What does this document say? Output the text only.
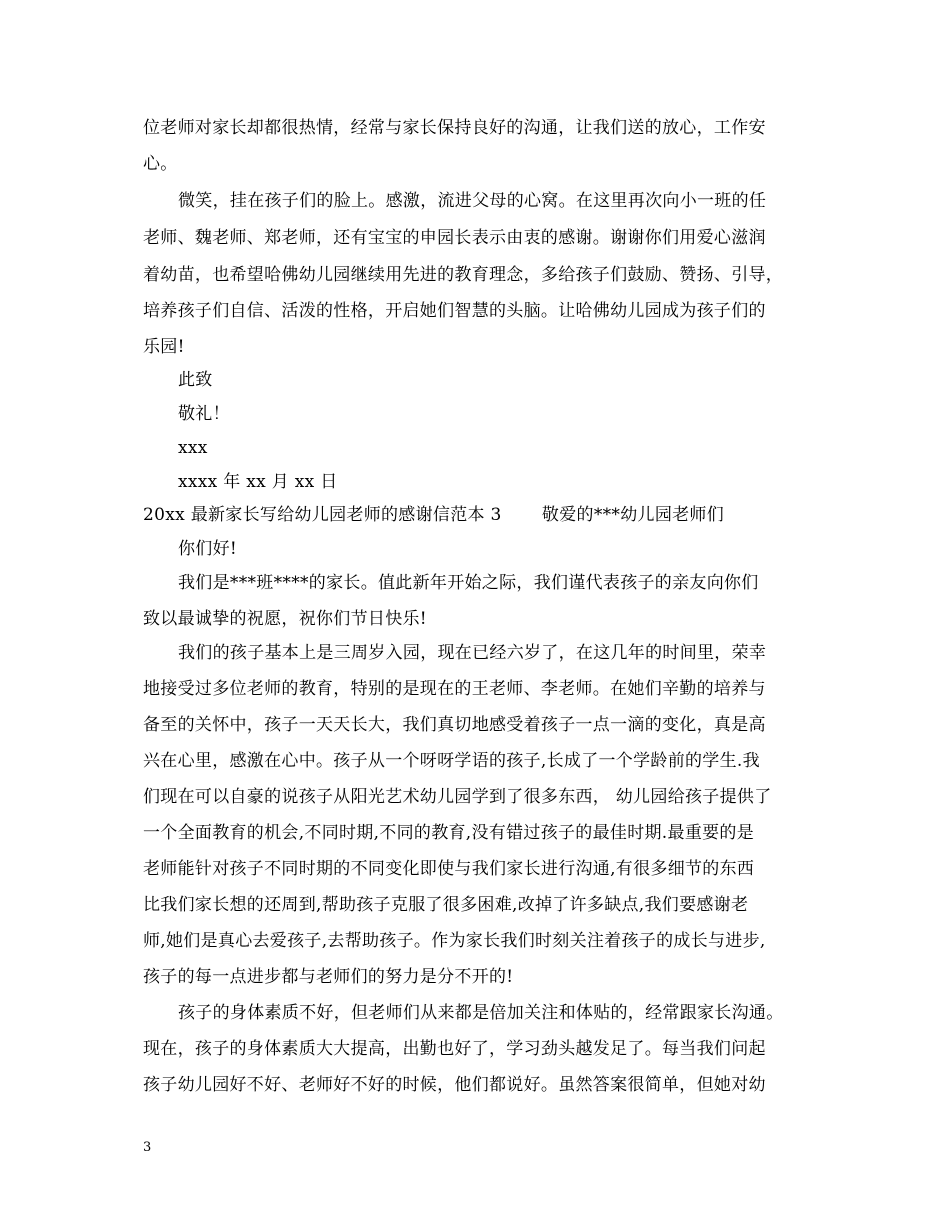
位老师对家长却都很热情，经常与家长保持良好的沟通，让我们送的放心，工作安
心。
微笑，挂在孩子们的脸上。感激，流进父母的心窝。在这里再次向小一班的任
老师、魏老师、郑老师，还有宝宝的申园长表示由衷的感谢。谢谢你们用爱心滋润
着幼苗，也希望哈佛幼儿园继续用先进的教育理念，多给孩子们鼓励、赞扬、引导，
培养孩子们自信、活泼的性格，开启她们智慧的头脑。让哈佛幼儿园成为孩子们的
乐园!
此致
敬礼！
xxx
xxxx 年 xx 月 xx 日
20xx 最新家长写给幼儿园老师的感谢信范本 3　　 敬爱的***幼儿园老师们
你们好!
我们是***班****的家长。值此新年开始之际，我们谨代表孩子的亲友向你们
致以最诚挚的祝愿，祝你们节日快乐!
我们的孩子基本上是三周岁入园，现在已经六岁了，在这几年的时间里，荣幸
地接受过多位老师的教育，特别的是现在的王老师、李老师。在她们辛勤的培养与
备至的关怀中，孩子一天天长大，我们真切地感受着孩子一点一滴的变化，真是高
兴在心里，感激在心中。孩子从一个呀呀学语的孩子,长成了一个学龄前的学生.我
们现在可以自豪的说孩子从阳光艺术幼儿园学到了很多东西， 幼儿园给孩子提供了
一个全面教育的机会,不同时期,不同的教育,没有错过孩子的最佳时期.最重要的是
老师能针对孩子不同时期的不同变化即使与我们家长进行沟通,有很多细节的东西
比我们家长想的还周到,帮助孩子克服了很多困难,改掉了许多缺点,我们要感谢老
师,她们是真心去爱孩子,去帮助孩子。作为家长我们时刻关注着孩子的成长与进步,
孩子的每一点进步都与老师们的努力是分不开的!
孩子的身体素质不好，但老师们从来都是倍加关注和体贴的，经常跟家长沟通。
现在，孩子的身体素质大大提高，出勤也好了，学习劲头越发足了。每当我们问起
孩子幼儿园好不好、老师好不好的时候，他们都说好。虽然答案很简单，但她对幼
3
